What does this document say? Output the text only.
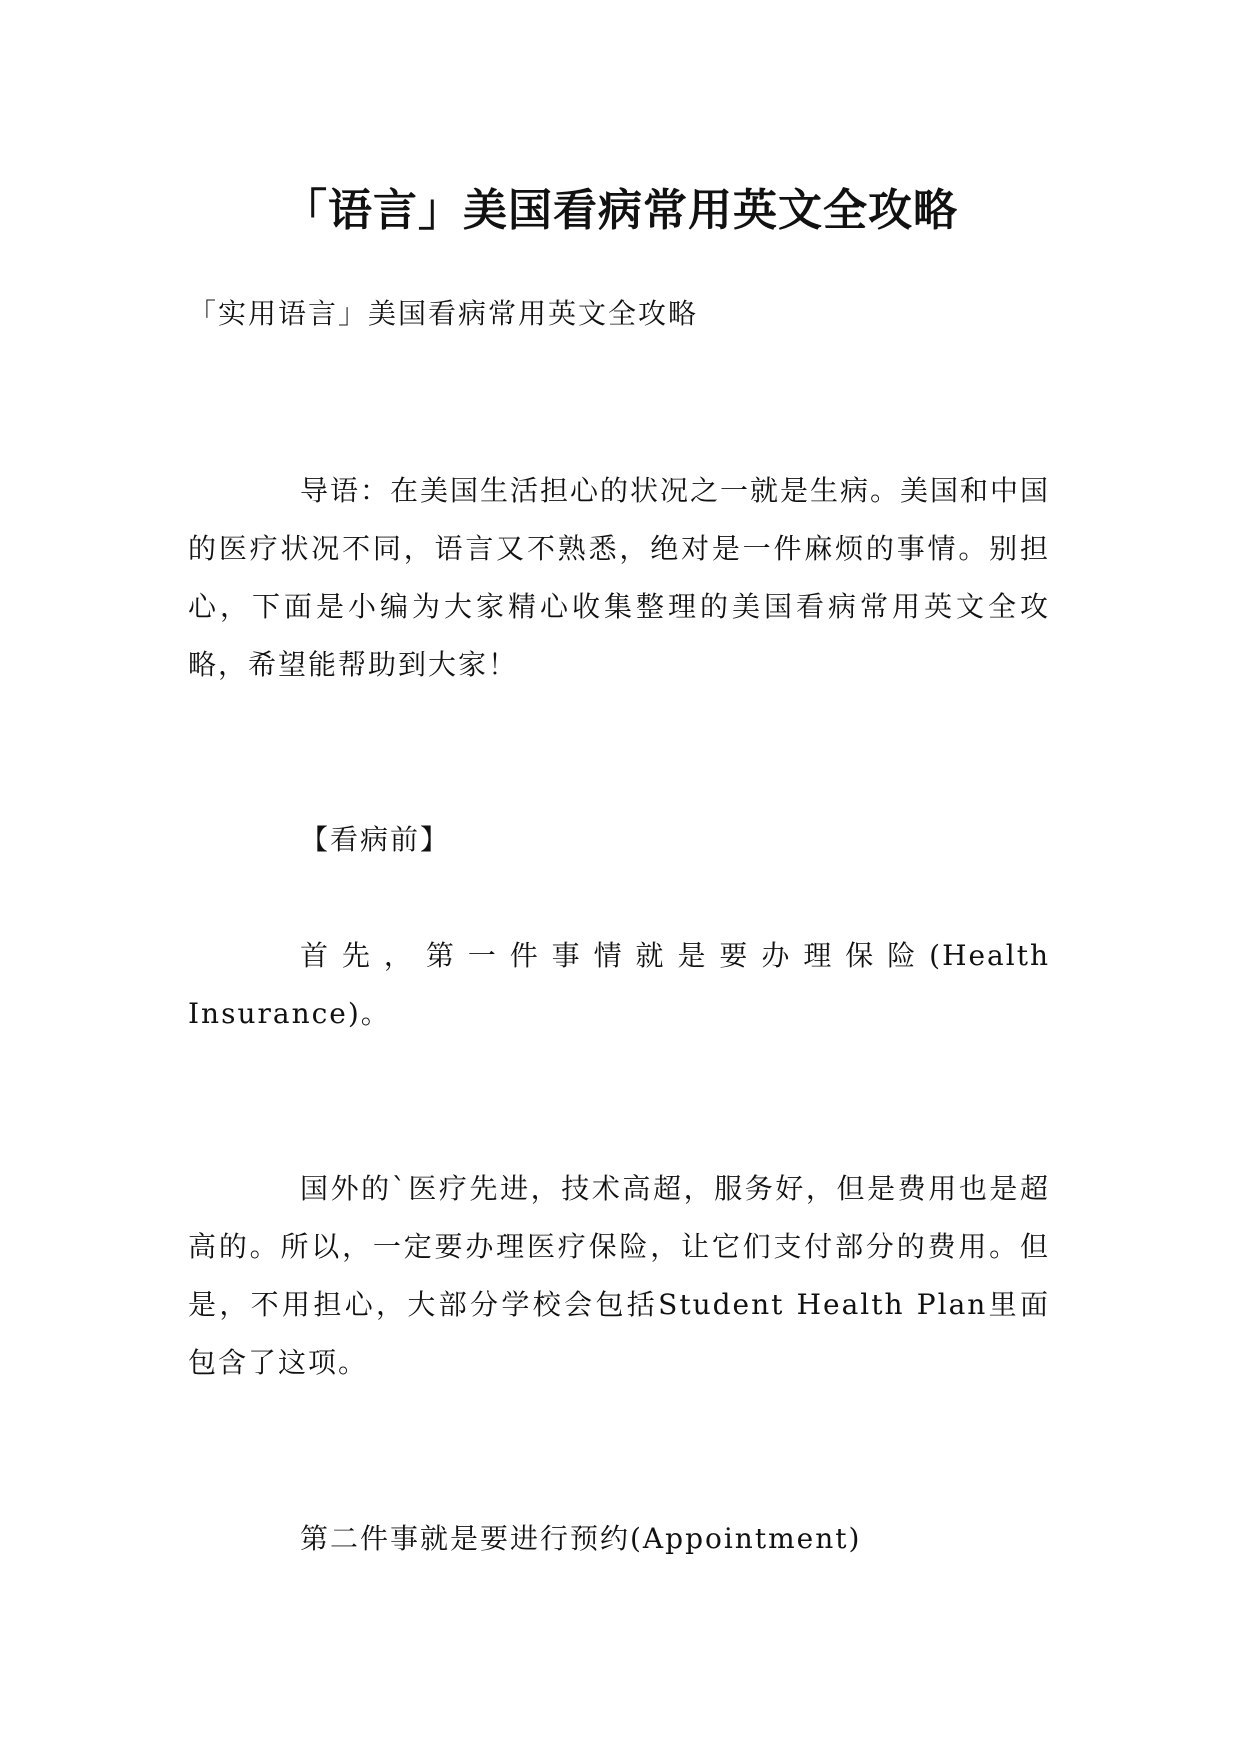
「语言」美国看病常用英文全攻略

「实用语言」美国看病常用英文全攻略

导语：在美国生活担心的状况之一就是生病。美国和中国的医疗状况不同，语言又不熟悉，绝对是一件麻烦的事情。别担心，下面是小编为大家精心收集整理的美国看病常用英文全攻略，希望能帮助到大家！

【看病前】

首先，第一件事情就是要办理保险(Health Insurance)。

国外的`医疗先进，技术高超，服务好，但是费用也是超高的。所以，一定要办理医疗保险，让它们支付部分的费用。但是，不用担心，大部分学校会包括Student Health Plan里面包含了这项。

第二件事就是要进行预约(Appointment)
